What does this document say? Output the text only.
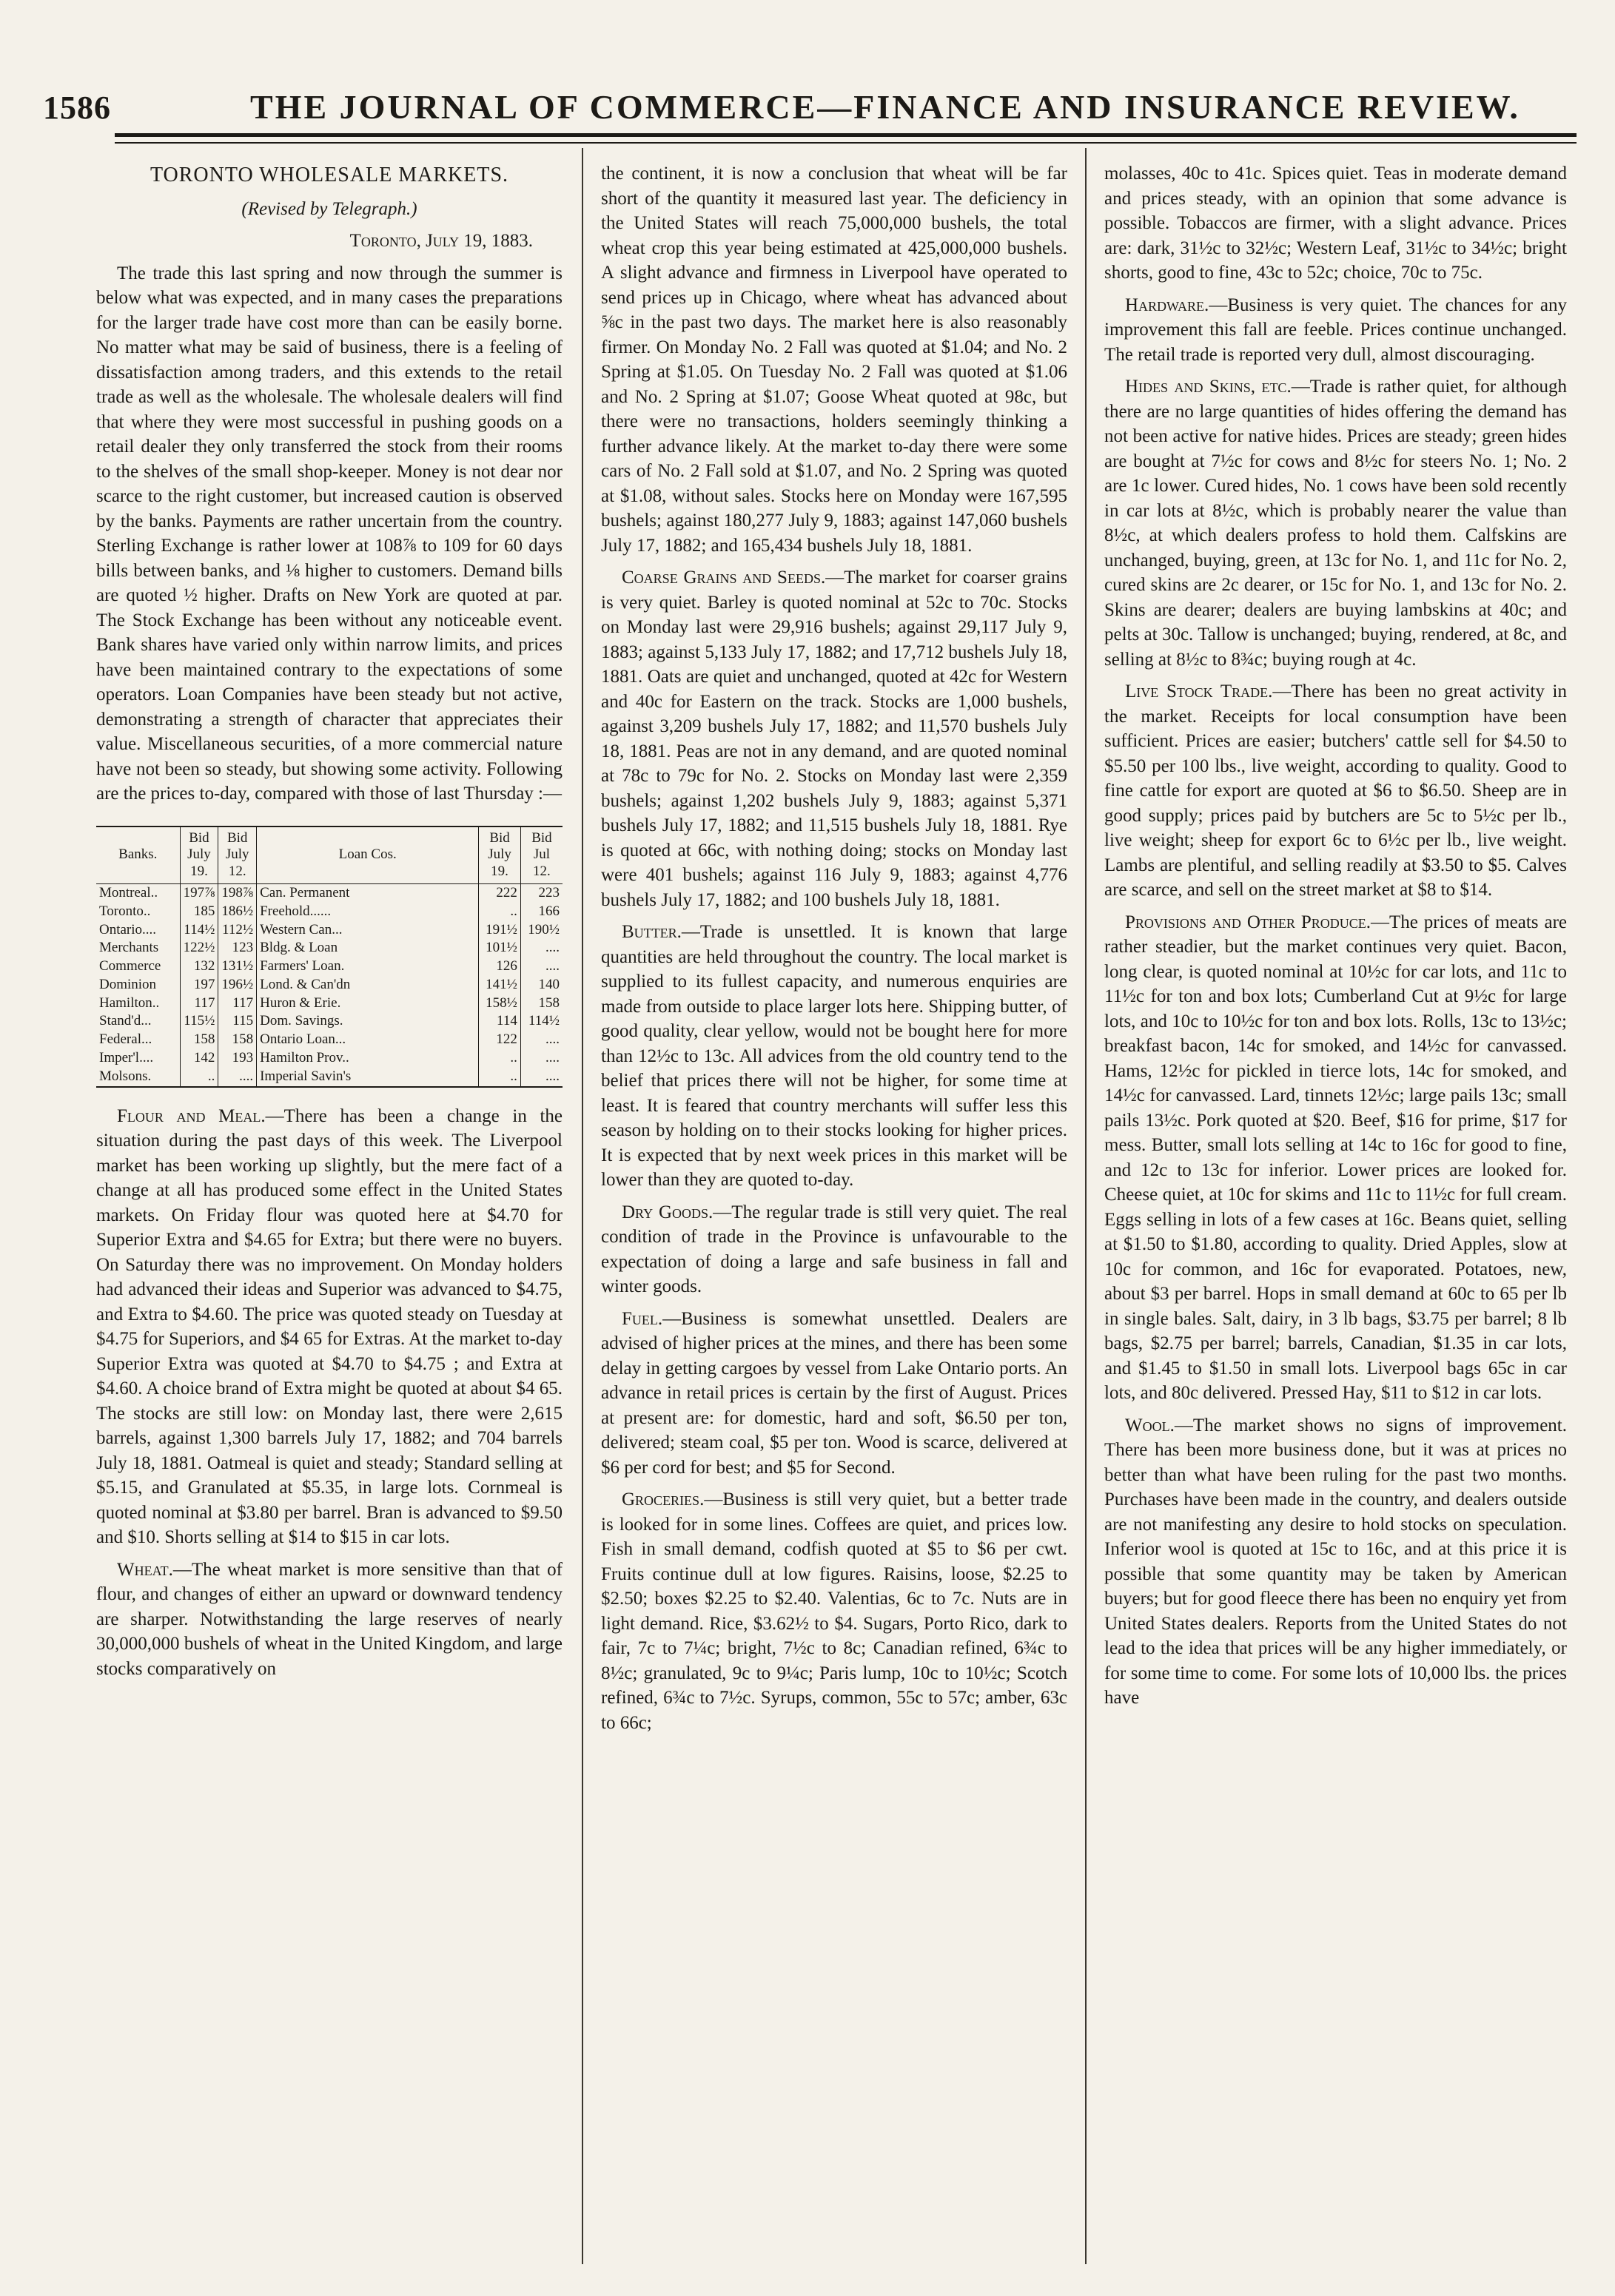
1586	THE JOURNAL OF COMMERCE—FINANCE AND INSURANCE REVIEW.

TORONTO WHOLESALE MARKETS.

(Revised by Telegraph.)

Toronto, July 19, 1883.

The trade this last spring and now through the summer is below what was expected, and in many cases the preparations for the larger trade have cost more than can be easily borne. No matter what may be said of business, there is a feeling of dissatisfaction among traders, and this extends to the retail trade as well as the wholesale. The wholesale dealers will find that where they were most successful in pushing goods on a retail dealer they only transferred the stock from their rooms to the shelves of the small shop-keeper. Money is not dear nor scarce to the right customer, but increased caution is observed by the banks. Payments are rather uncertain from the country. Sterling Exchange is rather lower at 108⅞ to 109 for 60 days bills between banks, and ⅛ higher to customers. Demand bills are quoted ½ higher. Drafts on New York are quoted at par. The Stock Exchange has been without any noticeable event. Bank shares have varied only within narrow limits, and prices have been maintained contrary to the expectations of some operators. Loan Companies have been steady but not active, demonstrating a strength of character that appreciates their value. Miscellaneous securities, of a more commercial nature have not been so steady, but showing some activity. Following are the prices to-day, compared with those of last Thursday :—

Banks.	Bid July 19.	Bid July 12.	Loan Cos.	Bid July 19.	Bid Jul 12.
Montreal..	197⅞	198⅞	Can. Permanent	222	223
Toronto..	185	186½	Freehold......	..	166
Ontario....	114½	112½	Western Can...	191½	190½
Merchants	122½	123	Bldg. & Loan	101½	....
Commerce	132	131½	Farmers' Loan.	126	....
Dominion	197	196½	Lond. & Can'dn	141½	140
Hamilton..	117	117	Huron & Erie.	158½	158
Stand'd...	115½	115	Dom. Savings.	114	114½
Federal...	158	158	Ontario Loan...	122	....
Imper'l....	142	193	Hamilton Prov..	..	....
Molsons.	..	....	Imperial Savin's	..	....

Flour and Meal.—There has been a change in the situation during the past days of this week. The Liverpool market has been working up slightly, but the mere fact of a change at all has produced some effect in the United States markets. On Friday flour was quoted here at $4.70 for Superior Extra and $4.65 for Extra; but there were no buyers. On Saturday there was no improvement. On Monday holders had advanced their ideas and Superior was advanced to $4.75, and Extra to $4.60. The price was quoted steady on Tuesday at $4.75 for Superiors, and $4 65 for Extras. At the market to-day Superior Extra was quoted at $4.70 to $4.75 ; and Extra at $4.60. A choice brand of Extra might be quoted at about $4 65. The stocks are still low: on Monday last, there were 2,615 barrels, against 1,300 barrels July 17, 1882; and 704 barrels July 18, 1881. Oatmeal is quiet and steady; Standard selling at $5.15, and Granulated at $5.35, in large lots. Cornmeal is quoted nominal at $3.80 per barrel. Bran is advanced to $9.50 and $10. Shorts selling at $14 to $15 in car lots.

Wheat.—The wheat market is more sensitive than that of flour, and changes of either an upward or downward tendency are sharper. Notwithstanding the large reserves of nearly 30,000,000 bushels of wheat in the United Kingdom, and large stocks comparatively on

the continent, it is now a conclusion that wheat will be far short of the quantity it measured last year. The deficiency in the United States will reach 75,000,000 bushels, the total wheat crop this year being estimated at 425,000,000 bushels. A slight advance and firmness in Liverpool have operated to send prices up in Chicago, where wheat has advanced about ⅝c in the past two days. The market here is also reasonably firmer. On Monday No. 2 Fall was quoted at $1.04; and No. 2 Spring at $1.05. On Tuesday No. 2 Fall was quoted at $1.06 and No. 2 Spring at $1.07; Goose Wheat quoted at 98c, but there were no transactions, holders seemingly thinking a further advance likely. At the market to-day there were some cars of No. 2 Fall sold at $1.07, and No. 2 Spring was quoted at $1.08, without sales. Stocks here on Monday were 167,595 bushels; against 180,277 July 9, 1883; against 147,060 bushels July 17, 1882; and 165,434 bushels July 18, 1881.

Coarse Grains and Seeds.—The market for coarser grains is very quiet. Barley is quoted nominal at 52c to 70c. Stocks on Monday last were 29,916 bushels; against 29,117 July 9, 1883; against 5,133 July 17, 1882; and 17,712 bushels July 18, 1881. Oats are quiet and unchanged, quoted at 42c for Western and 40c for Eastern on the track. Stocks are 1,000 bushels, against 3,209 bushels July 17, 1882; and 11,570 bushels July 18, 1881. Peas are not in any demand, and are quoted nominal at 78c to 79c for No. 2. Stocks on Monday last were 2,359 bushels; against 1,202 bushels July 9, 1883; against 5,371 bushels July 17, 1882; and 11,515 bushels July 18, 1881. Rye is quoted at 66c, with nothing doing; stocks on Monday last were 401 bushels; against 116 July 9, 1883; against 4,776 bushels July 17, 1882; and 100 bushels July 18, 1881.

Butter.—Trade is unsettled. It is known that large quantities are held throughout the country. The local market is supplied to its fullest capacity, and numerous enquiries are made from outside to place larger lots here. Shipping butter, of good quality, clear yellow, would not be bought here for more than 12½c to 13c. All advices from the old country tend to the belief that prices there will not be higher, for some time at least. It is feared that country merchants will suffer less this season by holding on to their stocks looking for higher prices. It is expected that by next week prices in this market will be lower than they are quoted to-day.

Dry Goods.—The regular trade is still very quiet. The real condition of trade in the Province is unfavourable to the expectation of doing a large and safe business in fall and winter goods.

Fuel.—Business is somewhat unsettled. Dealers are advised of higher prices at the mines, and there has been some delay in getting cargoes by vessel from Lake Ontario ports. An advance in retail prices is certain by the first of August. Prices at present are: for domestic, hard and soft, $6.50 per ton, delivered; steam coal, $5 per ton. Wood is scarce, delivered at $6 per cord for best; and $5 for Second.

Groceries.—Business is still very quiet, but a better trade is looked for in some lines. Coffees are quiet, and prices low. Fish in small demand, codfish quoted at $5 to $6 per cwt. Fruits continue dull at low figures. Raisins, loose, $2.25 to $2.50; boxes $2.25 to $2.40. Valentias, 6c to 7c. Nuts are in light demand. Rice, $3.62½ to $4. Sugars, Porto Rico, dark to fair, 7c to 7¼c; bright, 7½c to 8c; Canadian refined, 6¾c to 8½c; granulated, 9c to 9¼c; Paris lump, 10c to 10½c; Scotch refined, 6¾c to 7½c. Syrups, common, 55c to 57c; amber, 63c to 66c;

molasses, 40c to 41c. Spices quiet. Teas in moderate demand and prices steady, with an opinion that some advance is possible. Tobaccos are firmer, with a slight advance. Prices are: dark, 31½c to 32½c; Western Leaf, 31½c to 34½c; bright shorts, good to fine, 43c to 52c; choice, 70c to 75c.

Hardware.—Business is very quiet. The chances for any improvement this fall are feeble. Prices continue unchanged. The retail trade is reported very dull, almost discouraging.

Hides and Skins, etc.—Trade is rather quiet, for although there are no large quantities of hides offering the demand has not been active for native hides. Prices are steady; green hides are bought at 7½c for cows and 8½c for steers No. 1; No. 2 are 1c lower. Cured hides, No. 1 cows have been sold recently in car lots at 8½c, which is probably nearer the value than 8½c, at which dealers profess to hold them. Calfskins are unchanged, buying, green, at 13c for No. 1, and 11c for No. 2, cured skins are 2c dearer, or 15c for No. 1, and 13c for No. 2. Skins are dearer; dealers are buying lambskins at 40c; and pelts at 30c. Tallow is unchanged; buying, rendered, at 8c, and selling at 8½c to 8¾c; buying rough at 4c.

Live Stock Trade.—There has been no great activity in the market. Receipts for local consumption have been sufficient. Prices are easier; butchers' cattle sell for $4.50 to $5.50 per 100 lbs., live weight, according to quality. Good to fine cattle for export are quoted at $6 to $6.50. Sheep are in good supply; prices paid by butchers are 5c to 5½c per lb., live weight; sheep for export 6c to 6½c per lb., live weight. Lambs are plentiful, and selling readily at $3.50 to $5. Calves are scarce, and sell on the street market at $8 to $14.

Provisions and Other Produce.—The prices of meats are rather steadier, but the market continues very quiet. Bacon, long clear, is quoted nominal at 10½c for car lots, and 11c to 11½c for ton and box lots; Cumberland Cut at 9½c for large lots, and 10c to 10½c for ton and box lots. Rolls, 13c to 13½c; breakfast bacon, 14c for smoked, and 14½c for canvassed. Hams, 12½c for pickled in tierce lots, 14c for smoked, and 14½c for canvassed. Lard, tinnets 12½c; large pails 13c; small pails 13½c. Pork quoted at $20. Beef, $16 for prime, $17 for mess. Butter, small lots selling at 14c to 16c for good to fine, and 12c to 13c for inferior. Lower prices are looked for. Cheese quiet, at 10c for skims and 11c to 11½c for full cream. Eggs selling in lots of a few cases at 16c. Beans quiet, selling at $1.50 to $1.80, according to quality. Dried Apples, slow at 10c for common, and 16c for evaporated. Potatoes, new, about $3 per barrel. Hops in small demand at 60c to 65 per lb in single bales. Salt, dairy, in 3 lb bags, $3.75 per barrel; 8 lb bags, $2.75 per barrel; barrels, Canadian, $1.35 in car lots, and $1.45 to $1.50 in small lots. Liverpool bags 65c in car lots, and 80c delivered. Pressed Hay, $11 to $12 in car lots.

Wool.—The market shows no signs of improvement. There has been more business done, but it was at prices no better than what have been ruling for the past two months. Purchases have been made in the country, and dealers outside are not manifesting any desire to hold stocks on speculation. Inferior wool is quoted at 15c to 16c, and at this price it is possible that some quantity may be taken by American buyers; but for good fleece there has been no enquiry yet from United States dealers. Reports from the United States do not lead to the idea that prices will be any higher immediately, or for some time to come. For some lots of 10,000 lbs. the prices have
